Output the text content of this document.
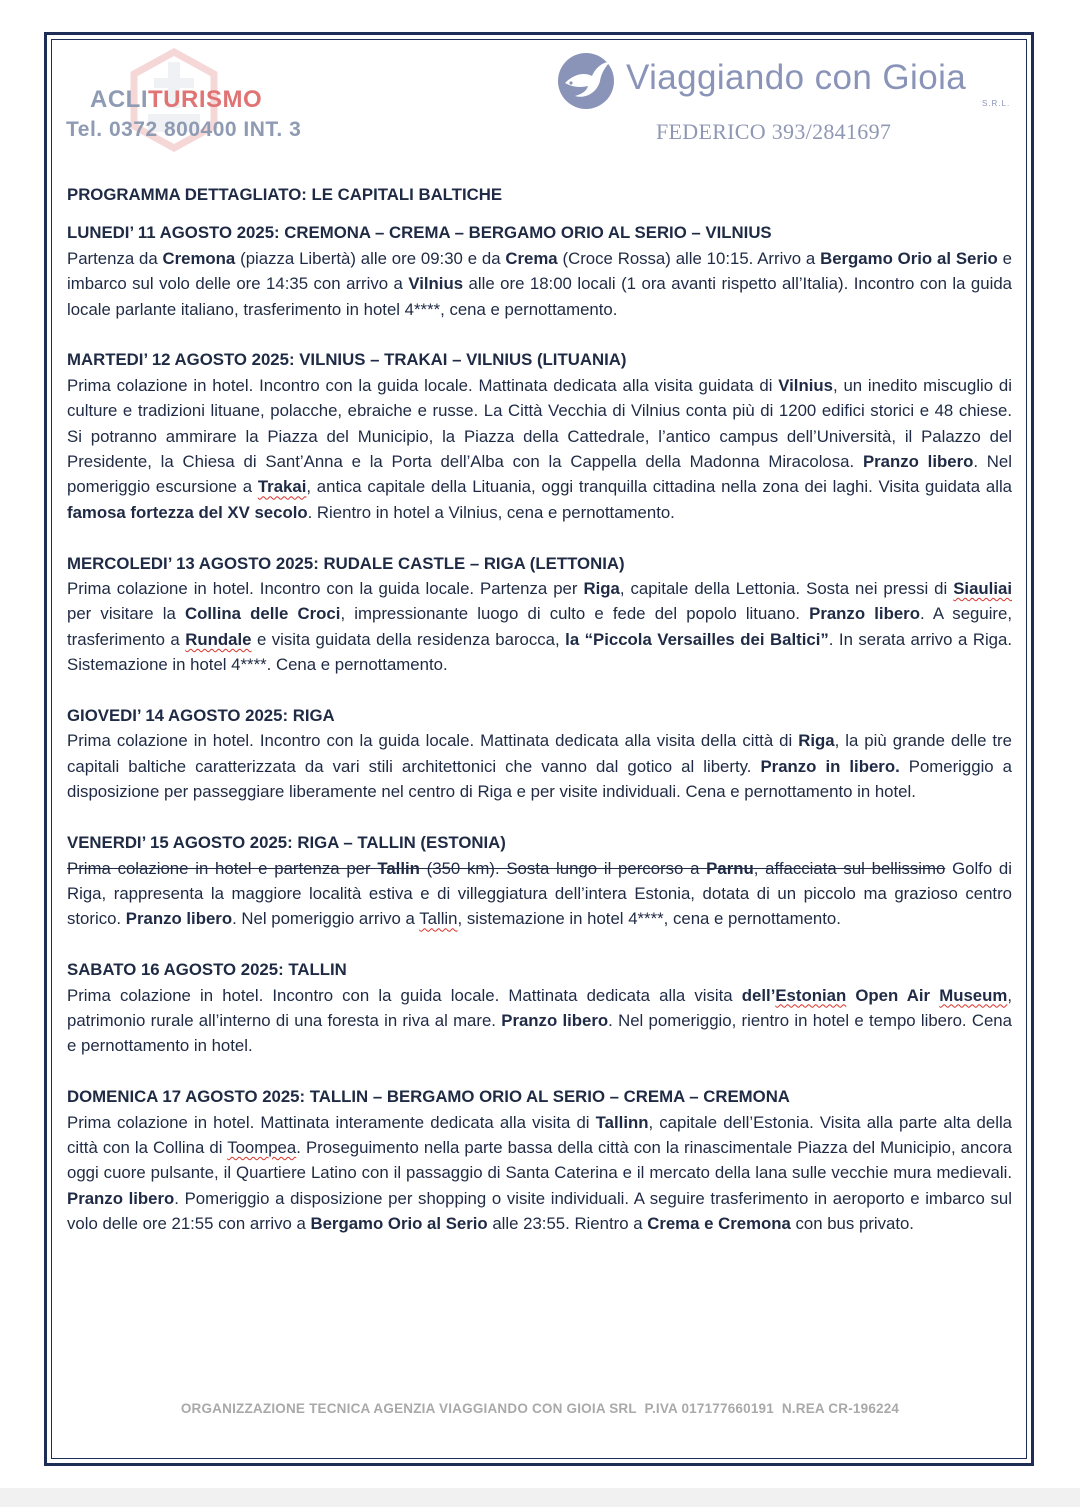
ACLITURISMO
Tel. 0372 800400 INT. 3
Viaggiando con Gioia
S.R.L.
FEDERICO 393/2841697
PROGRAMMA DETTAGLIATO: LE CAPITALI BALTICHE
LUNEDI’ 11 AGOSTO 2025: CREMONA – CREMA – BERGAMO ORIO AL SERIO – VILNIUS
Partenza da Cremona (piazza Libertà) alle ore 09:30 e da Crema (Croce Rossa) alle 10:15. Arrivo a Bergamo Orio al Serio e imbarco sul volo delle ore 14:35 con arrivo a Vilnius alle ore 18:00 locali (1 ora avanti rispetto all’Italia). Incontro con la guida locale parlante italiano, trasferimento in hotel 4****, cena e pernottamento.
MARTEDI’ 12 AGOSTO 2025: VILNIUS – TRAKAI – VILNIUS (LITUANIA)
Prima colazione in hotel. Incontro con la guida locale. Mattinata dedicata alla visita guidata di Vilnius, un inedito miscuglio di culture e tradizioni lituane, polacche, ebraiche e russe. La Città Vecchia di Vilnius conta più di 1200 edifici storici e 48 chiese. Si potranno ammirare la Piazza del Municipio, la Piazza della Cattedrale, l’antico campus dell’Università, il Palazzo del Presidente, la Chiesa di Sant’Anna e la Porta dell’Alba con la Cappella della Madonna Miracolosa. Pranzo libero. Nel pomeriggio escursione a Trakai, antica capitale della Lituania, oggi tranquilla cittadina nella zona dei laghi. Visita guidata alla famosa fortezza del XV secolo. Rientro in hotel a Vilnius, cena e pernottamento.
MERCOLEDI’ 13 AGOSTO 2025: RUDALE CASTLE – RIGA (LETTONIA)
Prima colazione in hotel. Incontro con la guida locale. Partenza per Riga, capitale della Lettonia. Sosta nei pressi di Siauliai per visitare la Collina delle Croci, impressionante luogo di culto e fede del popolo lituano. Pranzo libero. A seguire, trasferimento a Rundale e visita guidata della residenza barocca, la “Piccola Versailles dei Baltici”. In serata arrivo a Riga. Sistemazione in hotel 4****. Cena e pernottamento.
GIOVEDI’ 14 AGOSTO 2025: RIGA
Prima colazione in hotel. Incontro con la guida locale. Mattinata dedicata alla visita della città di Riga, la più grande delle tre capitali baltiche caratterizzata da vari stili architettonici che vanno dal gotico al liberty. Pranzo in libero. Pomeriggio a disposizione per passeggiare liberamente nel centro di Riga e per visite individuali. Cena e pernottamento in hotel.
VENERDI’ 15 AGOSTO 2025: RIGA – TALLIN (ESTONIA)
Prima colazione in hotel e partenza per Tallin (350 km). Sosta lungo il percorso a Parnu, affacciata sul bellissimo Golfo di Riga, rappresenta la maggiore località estiva e di villeggiatura dell’intera Estonia, dotata di un piccolo ma grazioso centro storico. Pranzo libero. Nel pomeriggio arrivo a Tallin, sistemazione in hotel 4****, cena e pernottamento.
SABATO 16 AGOSTO 2025: TALLIN
Prima colazione in hotel. Incontro con la guida locale. Mattinata dedicata alla visita dell’Estonian Open Air Museum, patrimonio rurale all’interno di una foresta in riva al mare. Pranzo libero. Nel pomeriggio, rientro in hotel e tempo libero. Cena e pernottamento in hotel.
DOMENICA 17 AGOSTO 2025: TALLIN – BERGAMO ORIO AL SERIO – CREMA – CREMONA
Prima colazione in hotel. Mattinata interamente dedicata alla visita di Tallinn, capitale dell’Estonia. Visita alla parte alta della città con la Collina di Toompea. Proseguimento nella parte bassa della città con la rinascimentale Piazza del Municipio, ancora oggi cuore pulsante, il Quartiere Latino con il passaggio di Santa Caterina e il mercato della lana sulle vecchie mura medievali. Pranzo libero. Pomeriggio a disposizione per shopping o visite individuali. A seguire trasferimento in aeroporto e imbarco sul volo delle ore 21:55 con arrivo a Bergamo Orio al Serio alle 23:55. Rientro a Crema e Cremona con bus privato.
ORGANIZZAZIONE TECNICA AGENZIA VIAGGIANDO CON GIOIA SRL  P.IVA 017177660191  N.REA CR-196224
